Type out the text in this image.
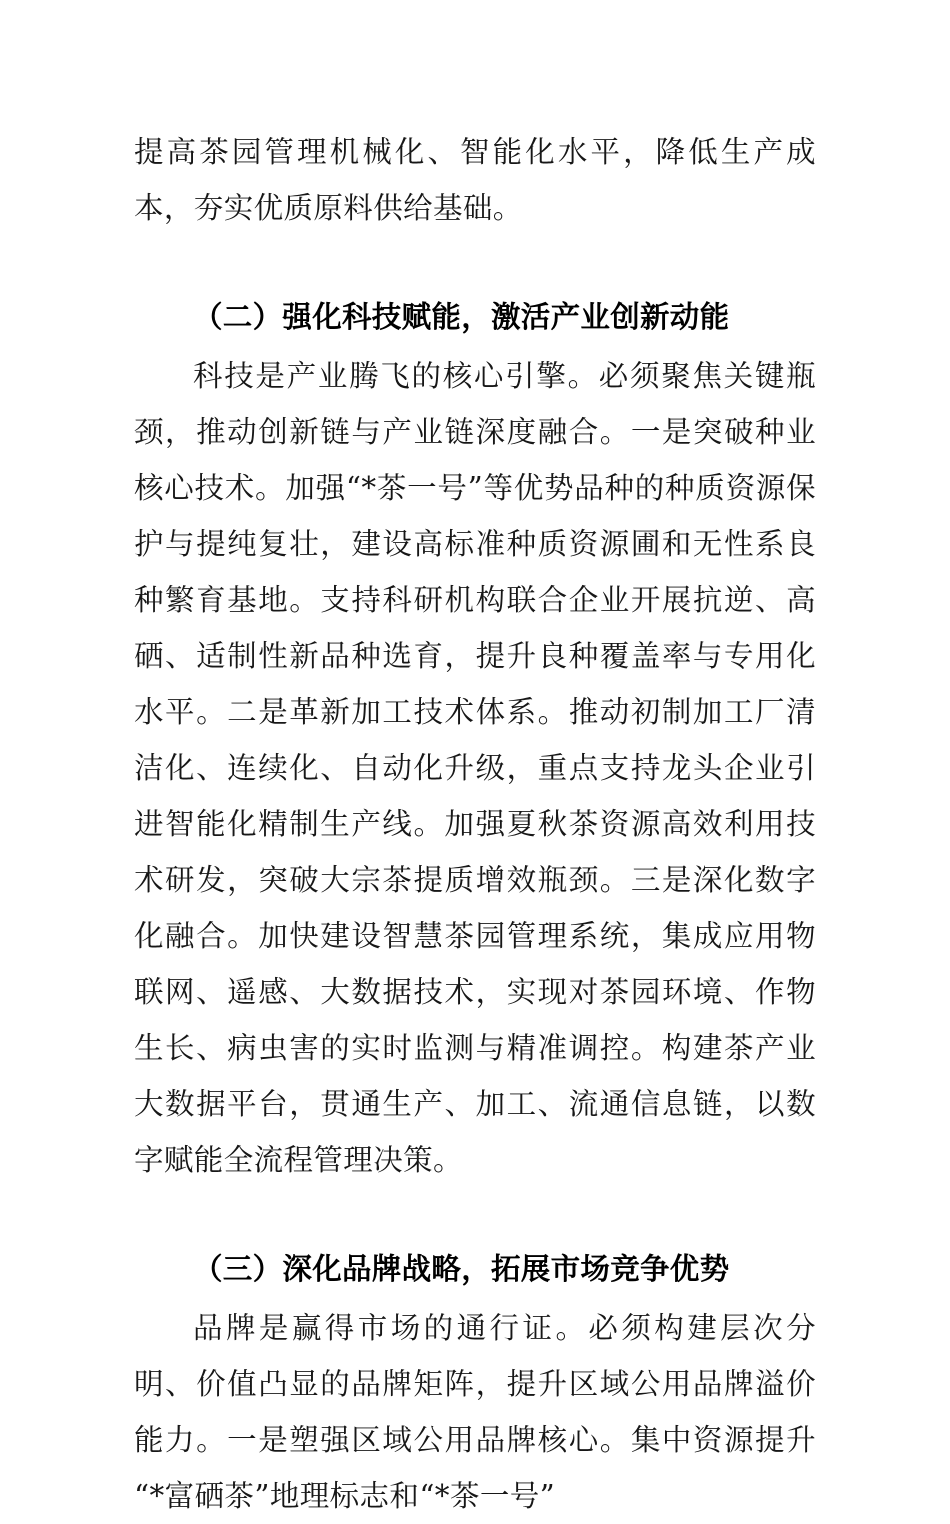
提高茶园管理机械化、智能化水平，降低生产成本，夯实优质原料供给基础。

（二）强化科技赋能，激活产业创新动能

科技是产业腾飞的核心引擎。必须聚焦关键瓶颈，推动创新链与产业链深度融合。一是突破种业核心技术。加强“*茶一号”等优势品种的种质资源保护与提纯复壮，建设高标准种质资源圃和无性系良种繁育基地。支持科研机构联合企业开展抗逆、高硒、适制性新品种选育，提升良种覆盖率与专用化水平。二是革新加工技术体系。推动初制加工厂清洁化、连续化、自动化升级，重点支持龙头企业引进智能化精制生产线。加强夏秋茶资源高效利用技术研发，突破大宗茶提质增效瓶颈。三是深化数字化融合。加快建设智慧茶园管理系统，集成应用物联网、遥感、大数据技术，实现对茶园环境、作物生长、病虫害的实时监测与精准调控。构建茶产业大数据平台，贯通生产、加工、流通信息链，以数字赋能全流程管理决策。

（三）深化品牌战略，拓展市场竞争优势

品牌是赢得市场的通行证。必须构建层次分明、价值凸显的品牌矩阵，提升区域公用品牌溢价能力。一是塑强区域公用品牌核心。集中资源提升“*富硒茶”地理标志和“*茶一号”
